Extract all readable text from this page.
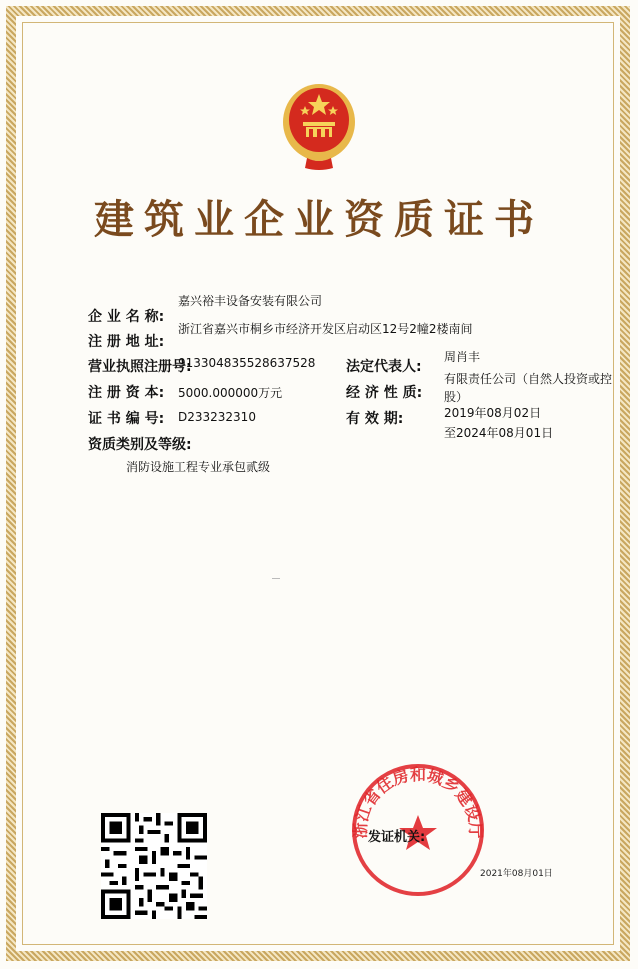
建筑业企业资质证书
企 业 名 称:
嘉兴裕丰设备安装有限公司
注 册 地 址:
浙江省嘉兴市桐乡市经济开发区启动区12号2幢2楼南间
营业执照注册号:
913304835528637528
注 册 资 本: 5000.000000万元
证 书 编 号: D233232310
资质类别及等级:
消防设施工程专业承包贰级
法定代表人:
周肖丰
经 济 性 质:
有限责任公司（自然人投资或控
股）
有 效 期:	2019年08月02日
至2024年08月01日
浙江省住房和城乡建设厅
发证机关:
2021年08月01日
